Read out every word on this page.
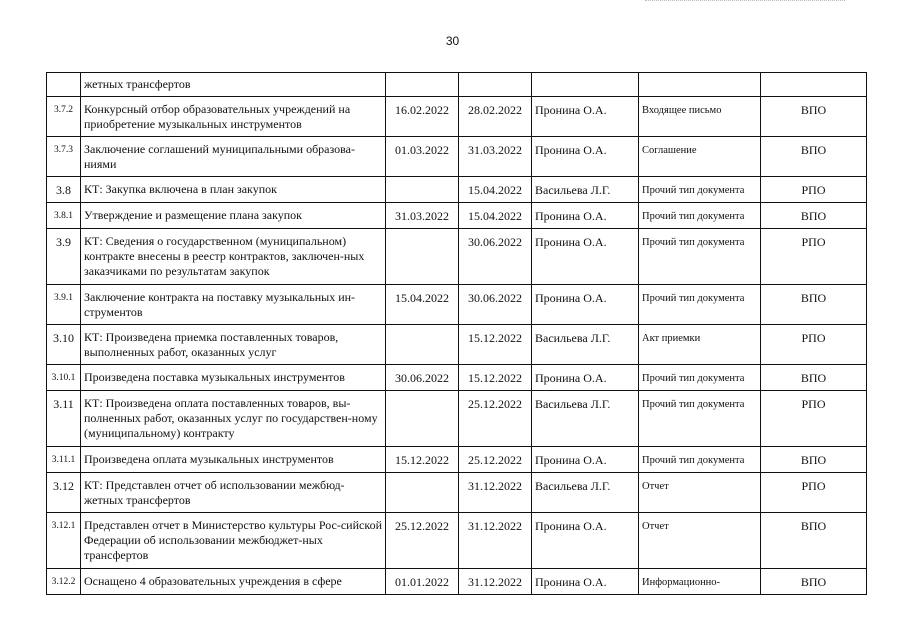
30
	жетных трансфертов					
3.7.2	Конкурсный отбор образовательных учреждений на приобретение музыкальных инструментов	16.02.2022	28.02.2022	Пронина О.А.	Входящее письмо	ВПО
3.7.3	Заключение соглашений муниципальными образова-ниями	01.03.2022	31.03.2022	Пронина О.А.	Соглашение	ВПО
3.8	КТ: Закупка включена в план закупок		15.04.2022	Васильева Л.Г.	Прочий тип документа	РПО
3.8.1	Утверждение и размещение плана закупок	31.03.2022	15.04.2022	Пронина О.А.	Прочий тип документа	ВПО
3.9	КТ: Сведения о государственном (муниципальном) контракте внесены в реестр контрактов, заключен-ных заказчиками по результатам закупок		30.06.2022	Пронина О.А.	Прочий тип документа	РПО
3.9.1	Заключение контракта на поставку музыкальных ин-струментов	15.04.2022	30.06.2022	Пронина О.А.	Прочий тип документа	ВПО
3.10	КТ: Произведена приемка поставленных товаров, выполненных работ, оказанных услуг		15.12.2022	Васильева Л.Г.	Акт приемки	РПО
3.10.1	Произведена поставка музыкальных инструментов	30.06.2022	15.12.2022	Пронина О.А.	Прочий тип документа	ВПО
3.11	КТ: Произведена оплата поставленных товаров, вы-полненных работ, оказанных услуг по государствен-ному (муниципальному) контракту		25.12.2022	Васильева Л.Г.	Прочий тип документа	РПО
3.11.1	Произведена оплата музыкальных инструментов	15.12.2022	25.12.2022	Пронина О.А.	Прочий тип документа	ВПО
3.12	КТ: Представлен отчет об использовании межбюд-жетных трансфертов		31.12.2022	Васильева Л.Г.	Отчет	РПО
3.12.1	Представлен отчет в Министерство культуры Рос-сийской Федерации об использовании межбюджет-ных трансфертов	25.12.2022	31.12.2022	Пронина О.А.	Отчет	ВПО
3.12.2	Оснащено 4 образовательных учреждения в сфере	01.01.2022	31.12.2022	Пронина О.А.	Информационно-	ВПО
